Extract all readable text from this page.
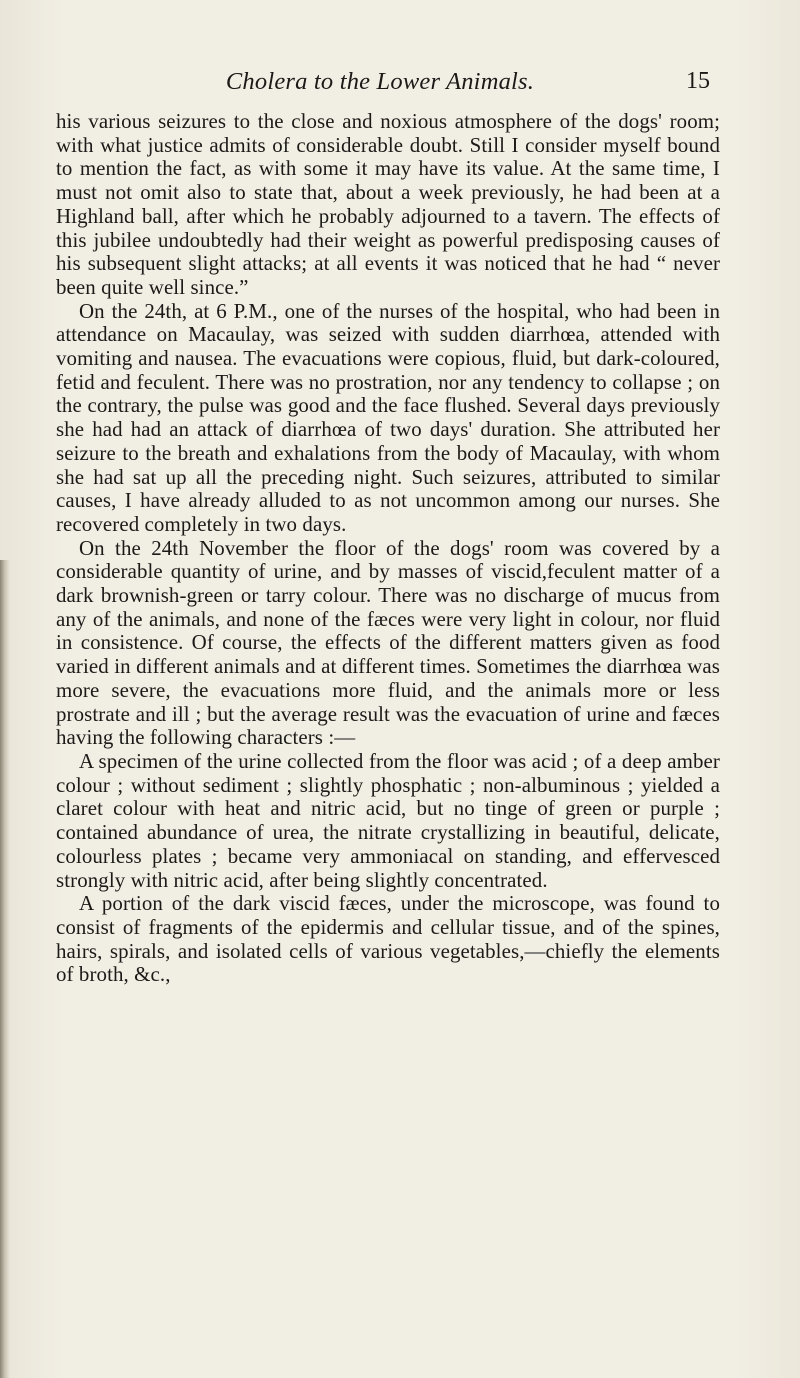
Cholera to the Lower Animals.	15

his various seizures to the close and noxious atmosphere of the dogs' room; with what justice admits of considerable doubt. Still I consider myself bound to mention the fact, as with some it may have its value. At the same time, I must not omit also to state that, about a week previously, he had been at a Highland ball, after which he probably adjourned to a tavern. The effects of this jubilee undoubtedly had their weight as powerful predisposing causes of his subsequent slight attacks; at all events it was noticed that he had “ never been quite well since.”

On the 24th, at 6 P.M., one of the nurses of the hospital, who had been in attendance on Macaulay, was seized with sudden diarrhœa, attended with vomiting and nausea. The evacuations were copious, fluid, but dark-coloured, fetid and feculent. There was no prostration, nor any tendency to collapse ; on the contrary, the pulse was good and the face flushed. Several days previously she had had an attack of diarrhœa of two days' duration. She attributed her seizure to the breath and exhalations from the body of Macaulay, with whom she had sat up all the preceding night. Such seizures, attributed to similar causes, I have already alluded to as not uncommon among our nurses. She recovered completely in two days.

On the 24th November the floor of the dogs' room was covered by a considerable quantity of urine, and by masses of viscid,feculent matter of a dark brownish-green or tarry colour. There was no discharge of mucus from any of the animals, and none of the fæces were very light in colour, nor fluid in consistence. Of course, the effects of the different matters given as food varied in different animals and at different times. Sometimes the diarrhœa was more severe, the evacuations more fluid, and the animals more or less prostrate and ill ; but the average result was the evacuation of urine and fæces having the following characters :—

A specimen of the urine collected from the floor was acid ; of a deep amber colour ; without sediment ; slightly phosphatic ; non-albuminous ; yielded a claret colour with heat and nitric acid, but no tinge of green or purple ; contained abundance of urea, the nitrate crystallizing in beautiful, delicate, colourless plates ; became very ammoniacal on standing, and effervesced strongly with nitric acid, after being slightly concentrated.

A portion of the dark viscid fæces, under the microscope, was found to consist of fragments of the epidermis and cellular tissue, and of the spines, hairs, spirals, and isolated cells of various vegetables,—chiefly the elements of broth, &c.,
